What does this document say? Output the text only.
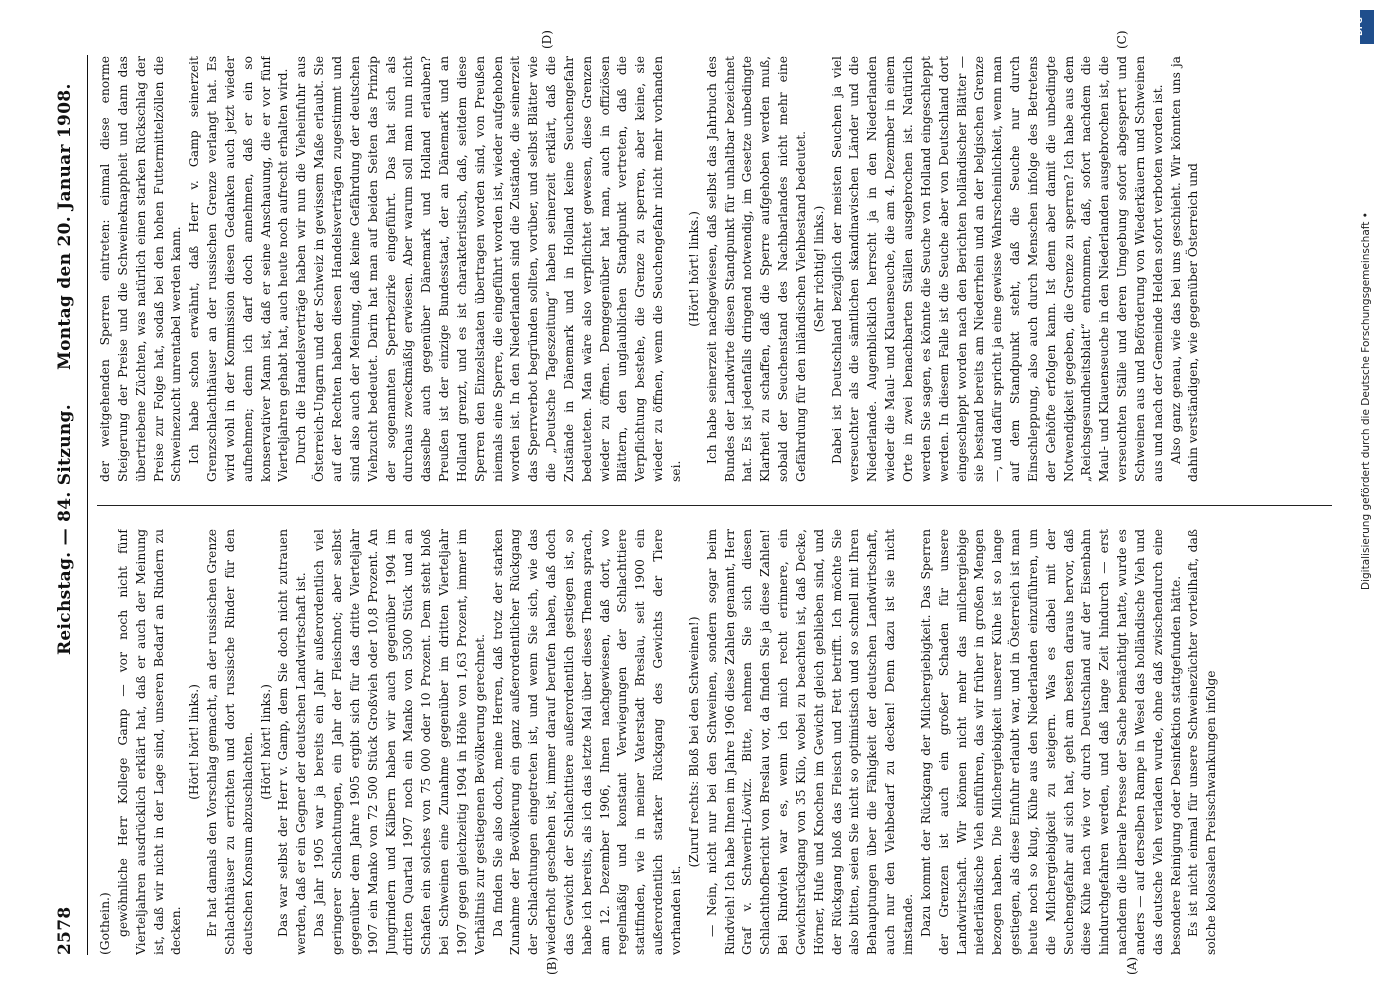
2578
Reichstag. — 84. Sitzung.
Montag den 20. Januar 1908.

(Gothein.) gewöhnliche Herr Kollege Gamp — vor noch nicht fünf Vierteljahren ausdrücklich erklärt hat, daß er auch der Meinung ist, daß wir nicht in der Lage sind, unseren Bedarf an Rindern zu decken.

(Hört! hört! links.) Er hat damals den Vorschlag gemacht, an der russischen Grenze Schlachthäuser zu errichten und dort russische Rinder für den deutschen Konsum abzuschlachten. (Hört! hört! links.) Das war selbst der Herr v. Gamp, dem Sie doch nicht zutrauen werden, daß er ein Gegner der deutschen Landwirtschaft ist. Das Jahr 1905 war ja bereits ein Jahr außerordentlich viel geringerer Schlachtungen, ein Jahr der Fleischnot; aber selbst gegenüber dem Jahre 1905 ergibt sich für das dritte Vierteljahr 1907 ein Manko von 72 500 Stück Großvieh oder 10,8 Prozent. An Jungrindern und Kälbern haben wir auch gegenüber 1904 im dritten Quartal 1907 noch ein Manko von 5300 Stück und an Schafen ein solches von 75 000 oder 10 Prozent. Dem steht bloß bei Schweinen eine Zunahme gegenüber im dritten Vierteljahr 1907 gegen gleichzeitig 1904 in Höhe von 1,63 Prozent, immer im Verhältnis zur gestiegenen Bevölkerung gerechnet. Da finden Sie also doch, meine Herren, daß trotz der starken Zunahme der Bevölkerung ein ganz außerordentlicher Rückgang der Schlachtungen eingetreten ist, und wenn Sie sich, wie das wiederholt geschehen ist, immer darauf berufen haben, daß doch das Gewicht der Schlachttiere außerordentlich gestiegen ist, so habe ich bereits, als ich das letzte Mal über dieses Thema sprach, am 12. Dezember 1906, Ihnen nachgewiesen, daß dort, wo regelmäßig und konstant Verwiegungen der Schlachttiere stattfinden, wie in meiner Vaterstadt Breslau, seit 1900 ein außerordentlich starker Rückgang des Gewichts der Tiere vorhanden ist.

(Zuruf rechts: Bloß bei den Schweinen!) — Nein, nicht nur bei den Schweinen, sondern sogar beim Rindvieh! Ich habe Ihnen im Jahre 1906 diese Zahlen genannt, Herr Graf v. Schwerin-Löwitz. Bitte, nehmen Sie sich diesen Schlachthofbericht von Breslau vor, da finden Sie ja diese Zahlen! Bei Rindvieh war es, wenn ich mich recht erinnere, ein Gewichtsrückgang von 35 Kilo, wobei zu beachten ist, daß Decke, Hörner, Hufe und Knochen im Gewicht gleich geblieben sind, und der Rückgang bloß das Fleisch und Fett betrifft. Ich möchte Sie also bitten, seien Sie nicht so optimistisch und so schnell mit Ihren Behauptungen über die Fähigkeit der deutschen Landwirtschaft, auch nur den Viehbedarf zu decken! Denn dazu ist sie nicht imstande. Dazu kommt der Rückgang der Milchergiebigkeit. Das Sperren der Grenzen ist auch ein großer Schaden für unsere Landwirtschaft. Wir können nicht mehr das milchergiebige niederländische Vieh einführen, das wir früher in großen Mengen bezogen haben. Die Milchergiebigkeit unserer Kühe ist so lange gestiegen, als diese Einfuhr erlaubt war, und in Österreich ist man heute noch so klug, Kühe aus den Niederlanden einzuführen, um die Milchergiebigkeit zu steigern. Was es dabei mit der Seuchengefahr auf sich hat, geht am besten daraus hervor, daß diese Kühe nach wie vor durch Deutschland auf der Eisenbahn hindurchgefahren werden, und daß lange Zeit hindurch — erst nachdem die liberale Presse der Sache bemächtigt hatte, wurde es anders — auf derselben Rampe in Wesel das holländische Vieh und das deutsche Vieh verladen wurde, ohne daß zwischendurch eine besondere Reinigung oder Desinfektion stattgefunden hätte. Es ist nicht einmal für unsere Schweinezüchter vorteilhaft, daß solche kolossalen Preisschwankungen infolge

der weitgehenden Sperren eintreten: einmal diese enorme Steigerung der Preise und die Schweineknappheit und dann das übertriebene Züchten, was natürlich einen starken Rückschlag der Preise zur Folge hat, sodaß bei den hohen Futtermittelzöllen die Schweinezucht unrentabel werden kann. Ich habe schon erwähnt, daß Herr v. Gamp seinerzeit Grenzschlachthäuser an der russischen Grenze verlangt hat. Es wird wohl in der Kommission diesen Gedanken auch jetzt wieder aufnehmen; denn ich darf doch annehmen, daß er ein so konservativer Mann ist, daß er seine Anschauung, die er vor fünf Vierteljahren gehabt hat, auch heute noch aufrecht erhalten wird. Durch die Handelsverträge haben wir nun die Vieheinfuhr aus Österreich-Ungarn und der Schweiz in gewissem Maße erlaubt. Sie auf der Rechten haben diesen Handelsverträgen zugestimmt und sind also auch der Meinung, daß keine Gefährdung der deutschen Viehzucht bedeutet. Darin hat man auf beiden Seiten das Prinzip der sogenannten Sperrbezirke eingeführt. Das hat sich als durchaus zweckmäßig erwiesen. Aber warum soll man nun nicht dasselbe auch gegenüber Dänemark und Holland erlauben? Preußen ist der einzige Bundesstaat, der an Dänemark und an Holland grenzt, und es ist charakteristisch, daß, seitdem diese Sperren den Einzelstaaten übertragen worden sind, von Preußen niemals eine Sperre, die eingeführt worden ist, wieder aufgehoben worden ist. In den Niederlanden sind die Zustände, die seinerzeit das Sperrverbot begründen sollten, vorüber, und selbst Blätter wie die „Deutsche Tageszeitung“ haben seinerzeit erklärt, daß die Zustände in Dänemark und in Holland keine Seuchengefahr bedeuteten. Man wäre also verpflichtet gewesen, diese Grenzen wieder zu öffnen. Demgegenüber hat man, auch in offiziösen Blättern, den unglaublichen Standpunkt vertreten, daß die Verpflichtung bestehe, die Grenze zu sperren, aber keine, sie wieder zu öffnen, wenn die Seuchengefahr nicht mehr vorhanden sei.

(Hört! hört! links.) Ich habe seinerzeit nachgewiesen, daß selbst das Jahrbuch des Bundes der Landwirte diesen Standpunkt für unhaltbar bezeichnet hat. Es ist jedenfalls dringend notwendig, im Gesetze unbedingte Klarheit zu schaffen, daß die Sperre aufgehoben werden muß, sobald der Seuchenstand des Nachbarlandes nicht mehr eine Gefährdung für den inländischen Viehbestand bedeutet. (Sehr richtig! links.) Dabei ist Deutschland bezüglich der meisten Seuchen ja viel verseuchter als die sämtlichen skandinavischen Länder und die Niederlande. Augenblicklich herrscht ja in den Niederlanden wieder die Maul- und Klauenseuche, die am 4. Dezember in einem Orte in zwei benachbarten Ställen ausgebrochen ist. Natürlich werden Sie sagen, es könnte die Seuche von Holland eingeschleppt werden. In diesem Falle ist die Seuche aber von Deutschland dort eingeschleppt worden nach den Berichten holländischer Blätter — sie bestand bereits am Niederrhein und an der belgischen Grenze —, und dafür spricht ja eine gewisse Wahrscheinlichkeit, wenn man auf dem Standpunkt steht, daß die Seuche nur durch Einschleppung, also auch durch Menschen infolge des Betretens der Gehöfte erfolgen kann. Ist denn aber damit die unbedingte Notwendigkeit gegeben, die Grenze zu sperren? Ich habe aus dem „Reichsgesundheitsblatt“ entnommen, daß, sofort nachdem die Maul- und Klauenseuche in den Niederlanden ausgebrochen ist, die verseuchten Ställe und deren Umgebung sofort abgesperrt und Schweinen aus und Beförderung von Wiederkäuern und Schweinen aus und nach der Gemeinde Helden sofort verboten worden ist. Also ganz genau, wie das bei uns geschieht. Wir könnten uns ja dahin verständigen, wie gegenüber Österreich und

(A)
(B)
(C)
(D)
DFG
Digitalisierung gefördert durch die Deutsche Forschungsgemeinschaft •
